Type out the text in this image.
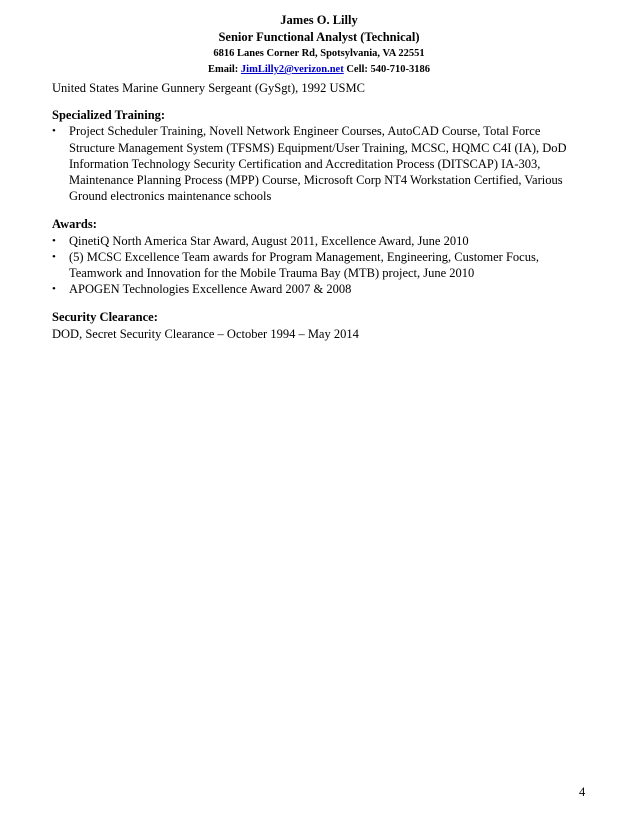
James O. Lilly
Senior Functional Analyst (Technical)
6816 Lanes Corner Rd, Spotsylvania, VA 22551
Email: JimLilly2@verizon.net Cell: 540-710-3186
United States Marine Gunnery Sergeant (GySgt), 1992 USMC
Specialized Training:
• Project Scheduler Training, Novell Network Engineer Courses, AutoCAD Course, Total Force
Structure Management System (TFSMS) Equipment/User Training, MCSC, HQMC C4I (IA), DoD
Information Technology Security Certification and Accreditation Process (DITSCAP) IA-303,
Maintenance Planning Process (MPP) Course, Microsoft Corp NT4 Workstation Certified, Various
Ground electronics maintenance schools
Awards:
• QinetiQ North America Star Award, August 2011, Excellence Award, June 2010
• (5) MCSC Excellence Team awards for Program Management, Engineering, Customer Focus,
Teamwork and Innovation for the Mobile Trauma Bay (MTB) project, June 2010
• APOGEN Technologies Excellence Award 2007 & 2008
Security Clearance:
DOD, Secret Security Clearance – October 1994 – May 2014
4
